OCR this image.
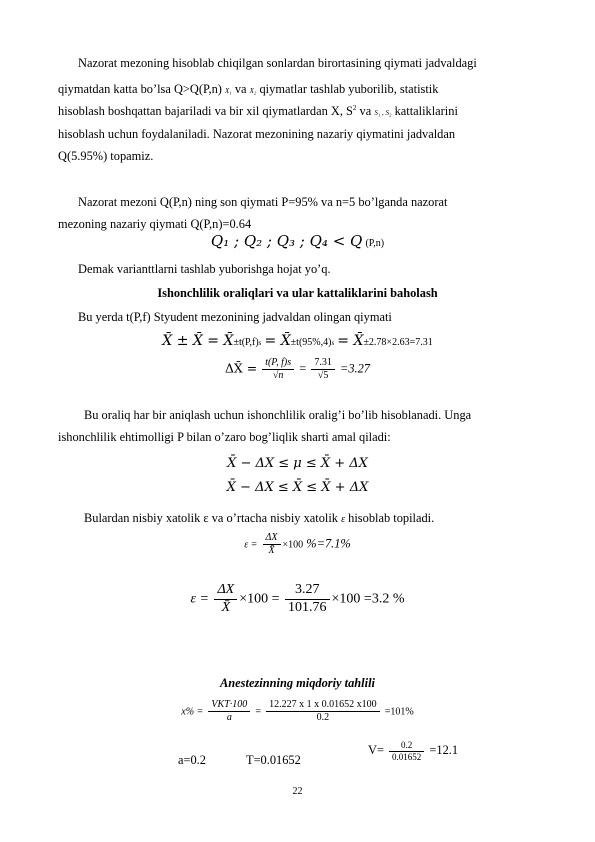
Nazorat mezoning hisoblab chiqilgan sonlardan birortasining qiymati jadvaldagi
qiymatdan katta bo’lsa Q>Q(P,n) X₁ va X₂ qiymatlar tashlab yuborilib, statistik
hisoblash boshqattan bajariladi va bir xil qiymatlardan X, $S^2$ va S₁ , S₂ kattaliklarini
hisoblash uchun foydalaniladi. Nazorat mezonining nazariy qiymatini jadvaldan
Q(5.95%) topamiz.
Nazorat mezoni Q(P,n) ning son qiymati P=95% va n=5 bo’lganda nazorat
mezoning nazariy qiymati Q(P,n)=0.64
Q₁ ; Q₂ ; Q₃ ; Q₄ < Q (P,n)
Demak varianttlarni tashlab yuborishga hojat yo’q.
Ishonchlilik oraliqlari va ular kattaliklarini baholash
Bu yerda t(P,f) Styudent mezonining jadvaldan olingan qiymati
X̄ ± X̄ = X̄±t(P,f)s = X̄±t(95%,4)s = X̄±2.78×2.63=7.31
ΔX̄ = $\frac{t(P, f)s}{√n} = \frac{7.31}{√5} =3.27$
Bu oraliq har bir aniqlash uchun ishonchlilik oralig’i bo’lib hisoblanadi. Unga
ishonchlilik ehtimolligi P bilan o’zaro bog’liqlik sharti amal qiladi:
X̄ − ΔX ≤ μ ≤ X̄ + ΔX
X̄ − ΔX ≤ X̄ ≤ X̄ + ΔX
Bulardan nisbiy xatolik ε va o’rtacha nisbiy xatolik ε hisoblab topiladi.
$\varepsilon = \frac{\Delta X}{X̄} \times 100$ %=7.1%
$\varepsilon = \frac{\Delta X}{X̄} \times 100 = \frac{3.27}{101.76} \times 100 =3.2$ %
Anestezinning miqdoriy tahlili
$x\% = \frac{\text{VKT·100}}{a} = \frac{12.227 x 1 x 0.01652 x100}{0.2} =101\%$
a=0.2	T=0.01652
$V= \frac{0.2}{0.01652} =12.1$
22
